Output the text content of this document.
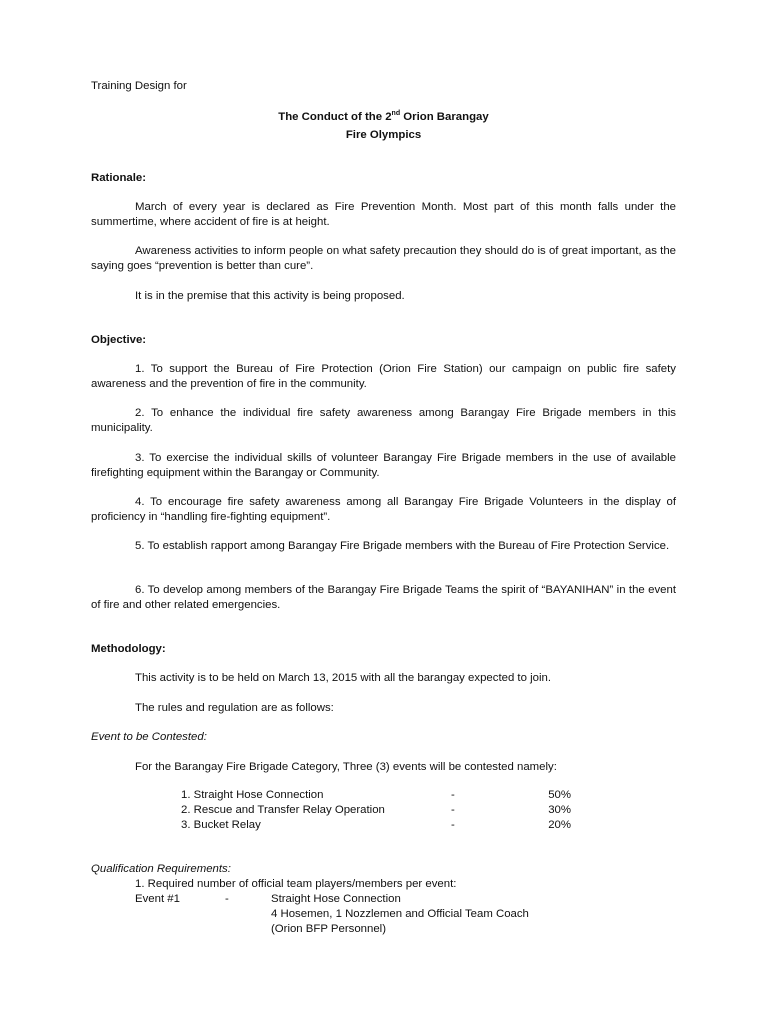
Training Design for
The Conduct of the 2nd Orion Barangay
Fire Olympics
Rationale:
March of every year is declared as Fire Prevention Month. Most part of this month falls under the summertime, where accident of fire is at height.
Awareness activities to inform people on what safety precaution they should do is of great important, as the saying goes “prevention is better than cure”.
It is in the premise that this activity is being proposed.
Objective:
1. To support the Bureau of Fire Protection (Orion Fire Station) our campaign on public fire safety awareness and the prevention of fire in the community.
2. To enhance the individual fire safety awareness among Barangay Fire Brigade members in this municipality.
3. To exercise the individual skills of volunteer Barangay Fire Brigade members in the use of available firefighting equipment within the Barangay or Community.
4. To encourage fire safety awareness among all Barangay Fire Brigade Volunteers in the display of proficiency in “handling fire-fighting equipment”.
5. To establish rapport among Barangay Fire Brigade members with the Bureau of Fire Protection Service.
6. To develop among members of the Barangay Fire Brigade Teams the spirit of “BAYANIHAN” in the event of fire and other related emergencies.
Methodology:
This activity is to be held on March 13, 2015 with all the barangay expected to join.
The rules and regulation are as follows:
Event to be Contested:
For the Barangay Fire Brigade Category, Three (3) events will be contested namely:
1. Straight Hose Connection	-	50%
2. Rescue and Transfer Relay Operation	-	30%
3. Bucket Relay	-	20%
Qualification Requirements:
1. Required number of official team players/members per event:
Event #1	-	Straight Hose Connection
4 Hosemen, 1 Nozzlemen and Official Team Coach
(Orion BFP Personnel)
